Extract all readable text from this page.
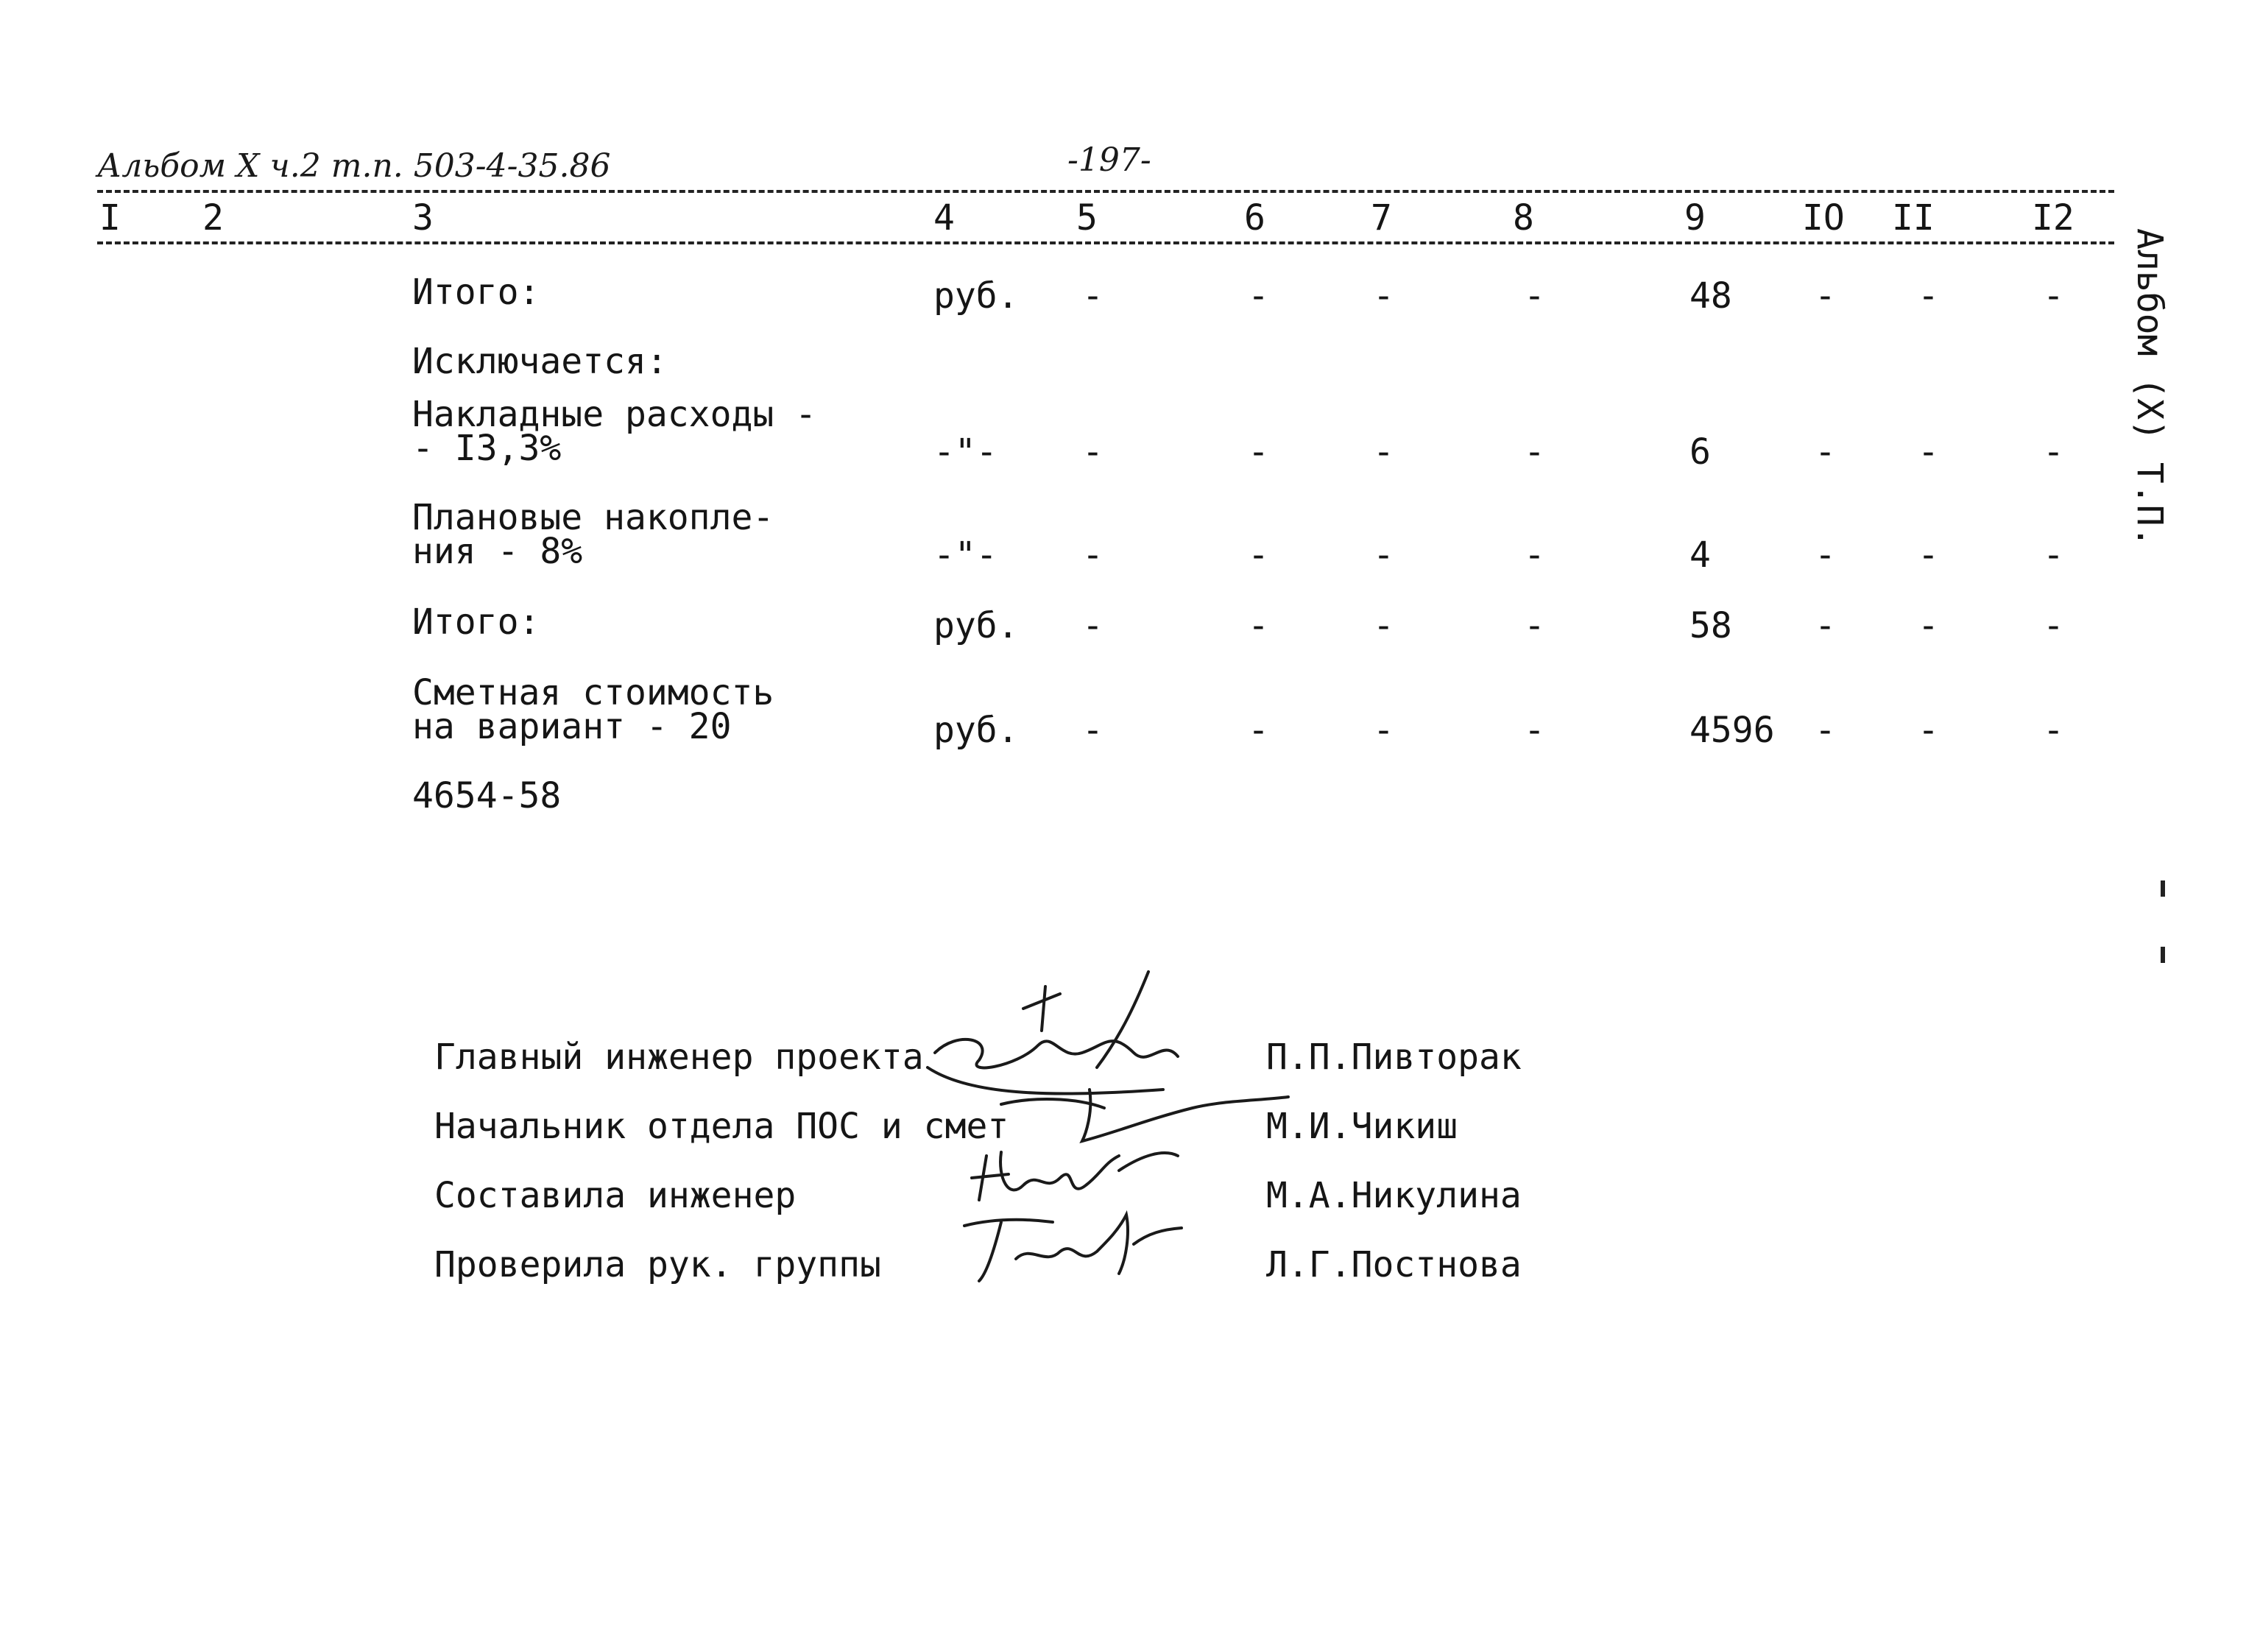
Альбом X ч.2 т.п. 503-4-35.86	-197-
I 2	3	4	5	6	7	8	9	IO II	I2
Итого:	руб. -	-	-	-	48 - -	-
Исключается:
Накладные расходы -
- I3,3%	-"- -	-	-	-	6	- -	-
Плановые накопле-
ния - 8%	-"- -	-	-	-	4	- -	-
Итого:	руб. -	-	-	-	58 - -	-
Сметная стоимость
на вариант - 20	руб. -	-	-	-	4596 - -	-
4654-58
Альбом (X) Т.П.
Главный инженер проекта	П.П.Пивторак
Начальник отдела ПОС и смет	М.И.Чикиш
Составила инженер	М.А.Никулина
Проверила рук. группы	Л.Г.Постнова
